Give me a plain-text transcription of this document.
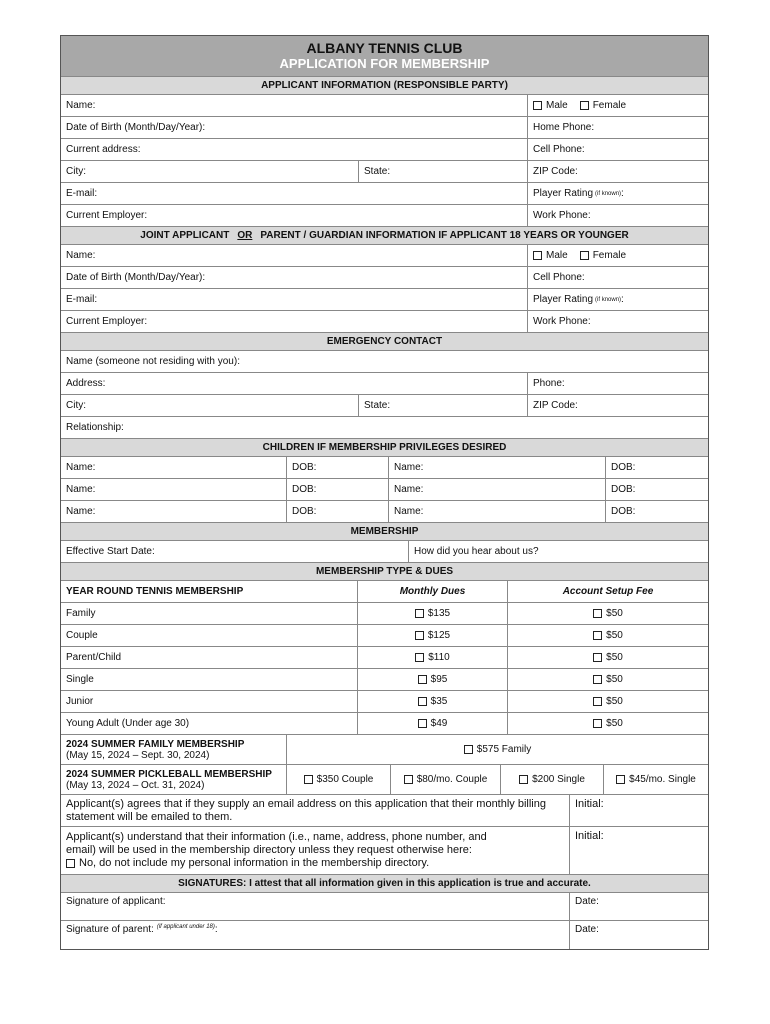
ALBANY TENNIS CLUB
APPLICATION FOR MEMBERSHIP
APPLICANT INFORMATION (RESPONSIBLE PARTY)
Name:	Male	Female
Date of Birth (Month/Day/Year):	Home Phone:
Current address:	Cell Phone:
City:	State:	ZIP Code:
E-mail:	Player Rating (if known) :
Current Employer:	Work Phone:
JOINT APPLICANT OR PARENT / GUARDIAN INFORMATION IF APPLICANT 18 YEARS OR YOUNGER
Name:	Male	Female
Date of Birth (Month/Day/Year):	Cell Phone:
E-mail:	Player Rating (if known) :
Current Employer:	Work Phone:
EMERGENCY CONTACT
Name (someone not residing with you):
Address:	Phone:
City:	State:	ZIP Code:
Relationship:
CHILDREN IF MEMBERSHIP PRIVILEGES DESIRED
Name:	DOB:	Name:	DOB:
Name:	DOB:	Name:	DOB:
Name:	DOB:	Name:	DOB:
MEMBERSHIP
Effective Start Date:	How did you hear about us?
MEMBERSHIP TYPE & DUES
YEAR ROUND TENNIS MEMBERSHIP	Monthly Dues	Account Setup Fee
Family	$135	$50
Couple	$125	$50
Parent/Child	$110	$50
Single	$95	$50
Junior	$35	$50
Young Adult (Under age 30)	$49	$50
2024 SUMMER FAMILY MEMBERSHIP
(May 15, 2024 – Sept. 30, 2024)	$575 Family
2024 SUMMER PICKLEBALL MEMBERSHIP
(May 13, 2024 – Oct. 31, 2024)	$350 Couple	$80/mo. Couple	$200 Single	$45/mo. Single
Applicant(s) agrees that if they supply an email address on this application that their monthly billing
statement will be emailed to them.
Initial:
Applicant(s) understand that their information (i.e., name, address, phone number, and
email) will be used in the membership directory unless they request otherwise here:
No, do not include my personal information in the membership directory.
Initial:
SIGNATURES: I attest that all information given in this application is true and accurate.
Signature of applicant:	Date:
Signature of parent: (if applicant under 18) :	Date:
